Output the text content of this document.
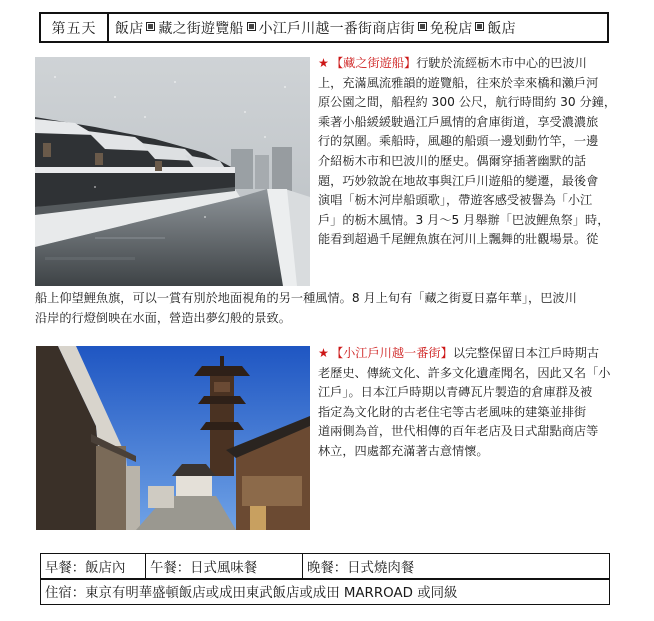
第五天	飯店 藏之街遊覽船 小江戶川越一番街商店街 免稅店 飯店

★ 【藏之街遊船】行駛於流經栃木市中心的巴波川
上，充滿風流雅韻的遊覽船，往來於幸來橋和瀨戶河
原公園之間，船程約 300 公尺，航行時間約 30 分鐘，
乘著小船緩緩駛過江戶風情的倉庫街道，享受濃濃旅
行的氛圍。乘船時，風趣的船頭一邊划動竹竿，一邊
介紹栃木市和巴波川的歷史。偶爾穿插著幽默的話
題，巧妙敘說在地故事與江戶川遊船的變遷，最後會
演唱「栃木河岸船頭歌」，帶遊客感受被譽為「小江
戶」的栃木風情。3 月～5 月舉辦「巴波鯉魚祭」時，
能看到超過千尾鯉魚旗在河川上飄舞的壯觀場景。從

船上仰望鯉魚旗，可以一賞有別於地面視角的另一種風情。8 月上旬有「藏之街夏日嘉年華」，巴波川
沿岸的行燈倒映在水面，營造出夢幻般的景致。

★ 【小江戶川越一番街】以完整保留日本江戶時期古
老歷史、傳統文化、許多文化遺產聞名，因此又名「小
江戶」。日本江戶時期以青磚瓦片製造的倉庫群及被
指定為文化財的古老住宅等古老風味的建築並排街
道兩側為首，世代相傳的百年老店及日式甜點商店等
林立，四處都充滿著古意情懷。

早餐：飯店內	午餐：日式風味餐	晚餐：日式燒肉餐
住宿：東京有明華盛頓飯店或成田東武飯店或成田 MARROAD 或同級
